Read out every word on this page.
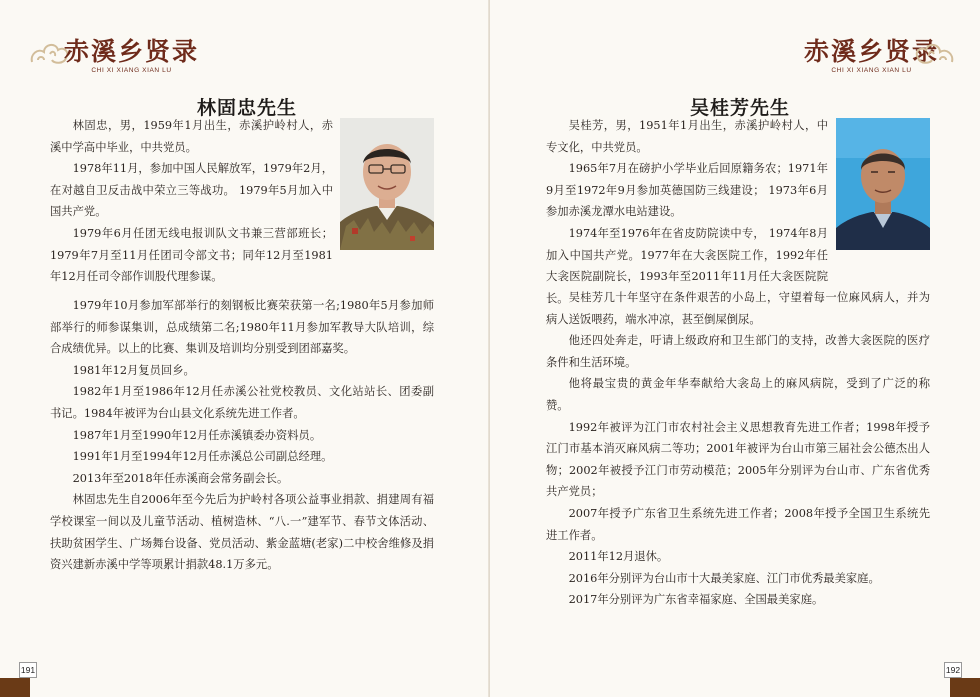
赤溪乡贤录
CHI XI XIANG XIAN LU
林固忠先生

林固忠，男，1959年1月出生，赤溪护岭村人，赤溪中学高中毕业，中共党员。

1978年11月，参加中国人民解放军，1979年2月，在对越自卫反击战中荣立三等战功。 1979年5月加入中国共产党。

1979年6月任团无线电报训队文书兼三营部班长；1979年7月至11月任团司令部文书；同年12月至1981年12月任司令部作训股代理参谋。

1979年10月参加军部举行的刻钢板比赛荣获第一名;1980年5月参加师部举行的师参谋集训，总成绩第二名;1980年11月参加军教导大队培训，综合成绩优异。以上的比赛、集训及培训均分别受到团部嘉奖。

1981年12月复员回乡。

1982年1月至1986年12月任赤溪公社党校教员、文化站站长、团委副书记。1984年被评为台山县文化系统先进工作者。

1987年1月至1990年12月任赤溪镇委办资料员。

1991年1月至1994年12月任赤溪总公司副总经理。

2013年至2018年任赤溪商会常务副会长。

林固忠先生自2006年至今先后为护岭村各项公益事业捐款、捐建周有福学校课室一间以及儿童节活动、植树造林、“八.一”建军节、春节文体活动、扶助贫困学生、广场舞台设备、党员活动、紫金蓝塘(老家)二中校舍维修及捐资兴建新赤溪中学等项累计捐款48.1万多元。

191
赤溪乡贤录
CHI XI XIANG XIAN LU
吴桂芳先生

吴桂芳，男，1951年1月出生，赤溪护岭村人，中专文化，中共党员。

1965年7月在磅护小学毕业后回原籍务农；1971年9月至1972年9月参加英德国防三线建设； 1973年6月参加赤溪龙潭水电站建设。

1974年至1976年在省皮防院读中专， 1974年8月加入中国共产党。1977年在大衾医院工作，1992年任大衾医院副院长，1993年至2011年11月任大衾医院院长。 吴桂芳几十年坚守在条件艰苦的小岛上，守望着每一位麻风病人，并为病人送饭喂药，端水冲凉，甚至倒屎倒尿。

他还四处奔走，吁请上级政府和卫生部门的支持，改善大衾医院的医疗条件和生活环境。

他将最宝贵的黄金年华奉献给大衾岛上的麻风病院，受到了广泛的称赞。

1992年被评为江门市农村社会主义思想教育先进工作者；1998年授予江门市基本消灭麻风病二等功；2001年被评为台山市第三届社会公德杰出人物；2002年被授予江门市劳动模范；2005年分别评为台山市、广东省优秀共产党员；

2007年授予广东省卫生系统先进工作者；2008年授予全国卫生系统先进工作者。

2011年12月退休。

2016年分别评为台山市十大最美家庭、江门市优秀最美家庭。

2017年分别评为广东省幸福家庭、全国最美家庭。

192
